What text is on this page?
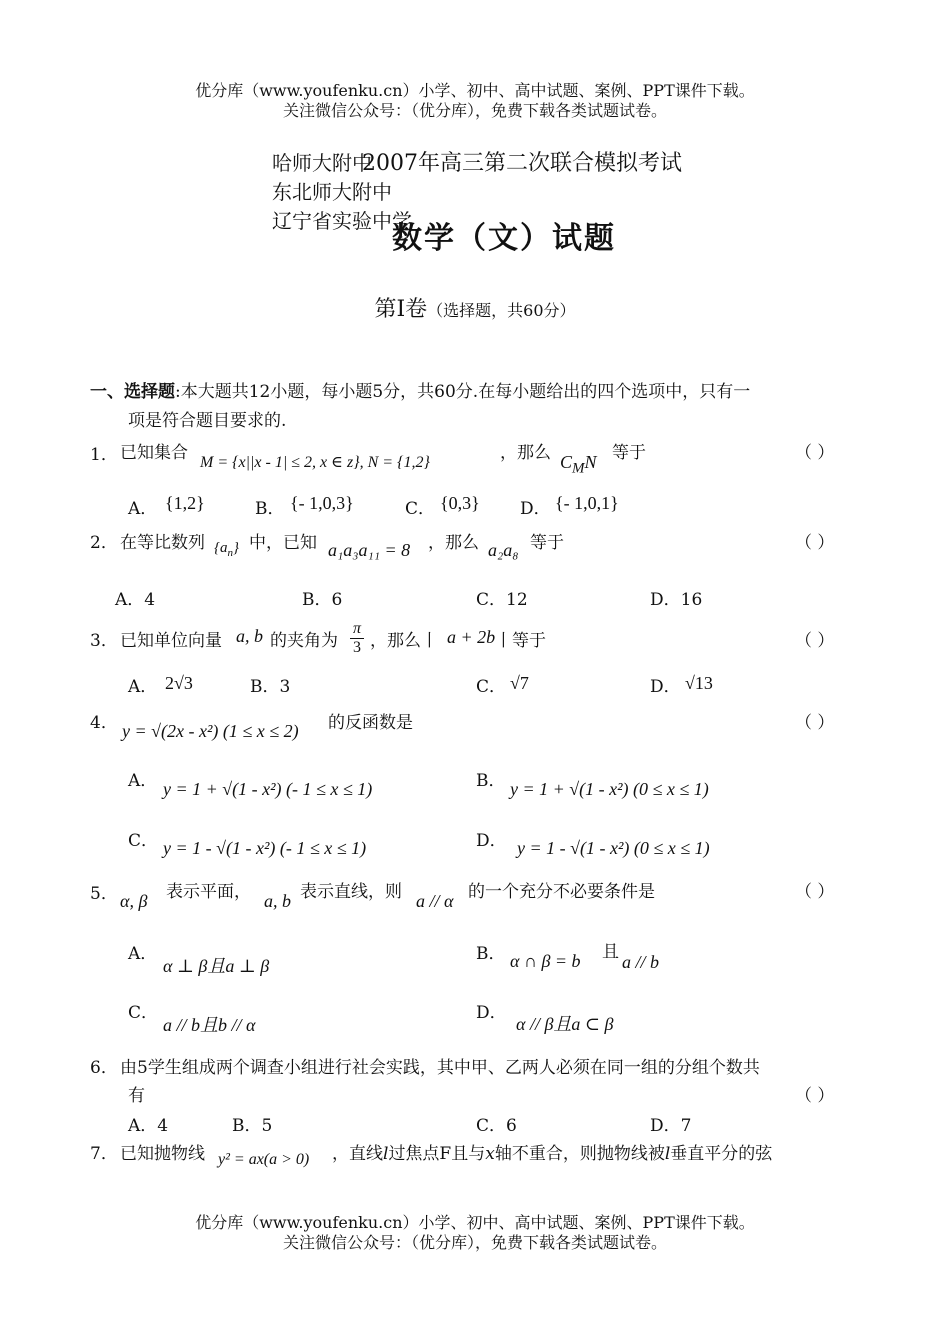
优分库（www.youfenku.cn）小学、初中、高中试题、案例、PPT课件下载。
关注微信公众号：（优分库），免费下载各类试题试卷。
哈师大附中
东北师大附中
辽宁省实验中学
2007年高三第二次联合模拟考试
数学（文）试题
第Ⅰ卷（选择题，共60分）
一、选择题:本大题共12小题，每小题5分，共60分.在每小题给出的四个选项中，只有一
项是符合题目要求的.
1． 已知集合 M = {x||x - 1| ≤ 2, x ∈ z}, N = {1,2}	，那么 $C_MN$ 等于	（ ）
A． {1,2}	B． {- 1,0,3}	C． {0,3} D． {- 1,0,1}
2． 在等比数列 $\{a_n\}$ 中，已知 a₁a₃a₁₁ = 8 ，那么 a₂a₈ 等于	（ ）
A．4	B．6	C．12	D．16
3． 已知单位向量 a, b 的夹角为 $\frac{\pi}{3}$ ，那么丨 a + 2b 丨等于	（ ）
A． 2√3	B．3	C． √7	D． √13
4． y = √(2x - x²) (1 ≤ x ≤ 2) 的反函数是	（ ）
A． y = 1 + √(1 - x²) (- 1 ≤ x ≤ 1)	B． y = 1 + √(1 - x²) (0 ≤ x ≤ 1)
C． y = 1 - √(1 - x²) (- 1 ≤ x ≤ 1)	D． y = 1 - √(1 - x²) (0 ≤ x ≤ 1)
5． α, β 表示平面， a, b 表示直线，则 a // α 的一个充分不必要条件是	（ ）
A．
α ⊥ β且a ⊥ β
B． α ∩ β = b 且 a // b
C．
a // b且b // α
D．
α // β且a ⊂ β
6． 由5学生组成两个调查小组进行社会实践，其中甲、乙两人必须在同一组的分组个数共
有	（ ）
A．4	B．5	C．6	D．7
7． 已知抛物线 y² = ax(a > 0) ，直线l过焦点F且与x轴不重合，则抛物线被l垂直平分的弦
优分库（www.youfenku.cn）小学、初中、高中试题、案例、PPT课件下载。
关注微信公众号：（优分库），免费下载各类试题试卷。
